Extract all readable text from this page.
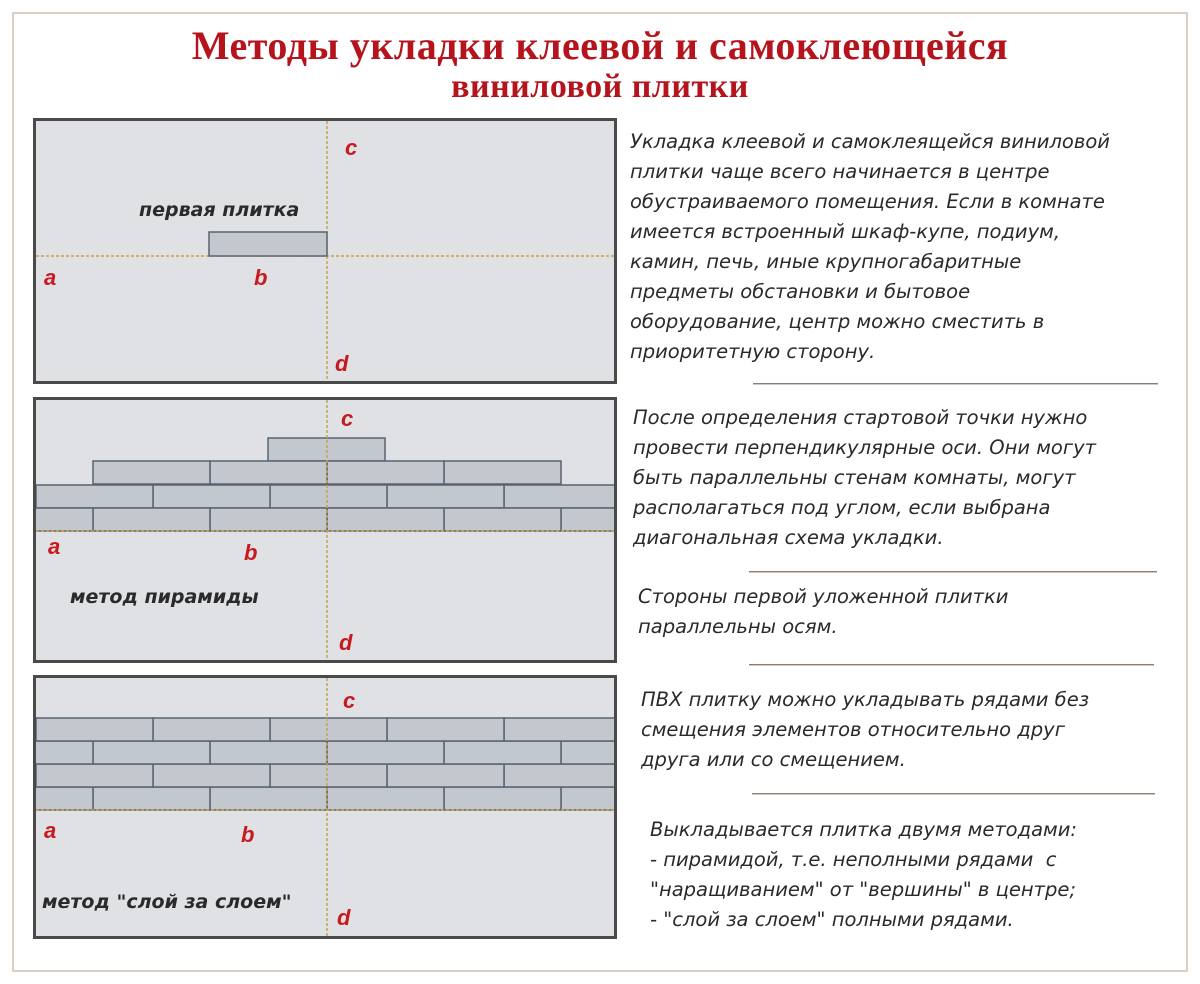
Методы укладки клеевой и самоклеющейся
виниловой плитки
первая плитка
a	b
c
d
метод пирамиды
a	b
c
d
метод "слой за слоем"
a	b
c
d
Укладка клеевой и самоклеящейся виниловой
плитки чаще всего начинается в центре
обустраиваемого помещения. Если в комнате
имеется встроенный шкаф-купе, подиум,
камин, печь, иные крупногабаритные
предметы обстановки и бытовое
оборудование, центр можно сместить в
приоритетную сторону.
После определения стартовой точки нужно
провести перпендикулярные оси. Они могут
быть параллельны стенам комнаты, могут
располагаться под углом, если выбрана
диагональная схема укладки.
Стороны первой уложенной плитки
параллельны осям.
ПВХ плитку можно укладывать рядами без
смещения элементов относительно друг
друга или со смещением.
Выкладывается плитка двумя методами:
- пирамидой, т.е. неполными рядами  с
"наращиванием" от "вершины" в центре;
- "слой за слоем" полными рядами.
